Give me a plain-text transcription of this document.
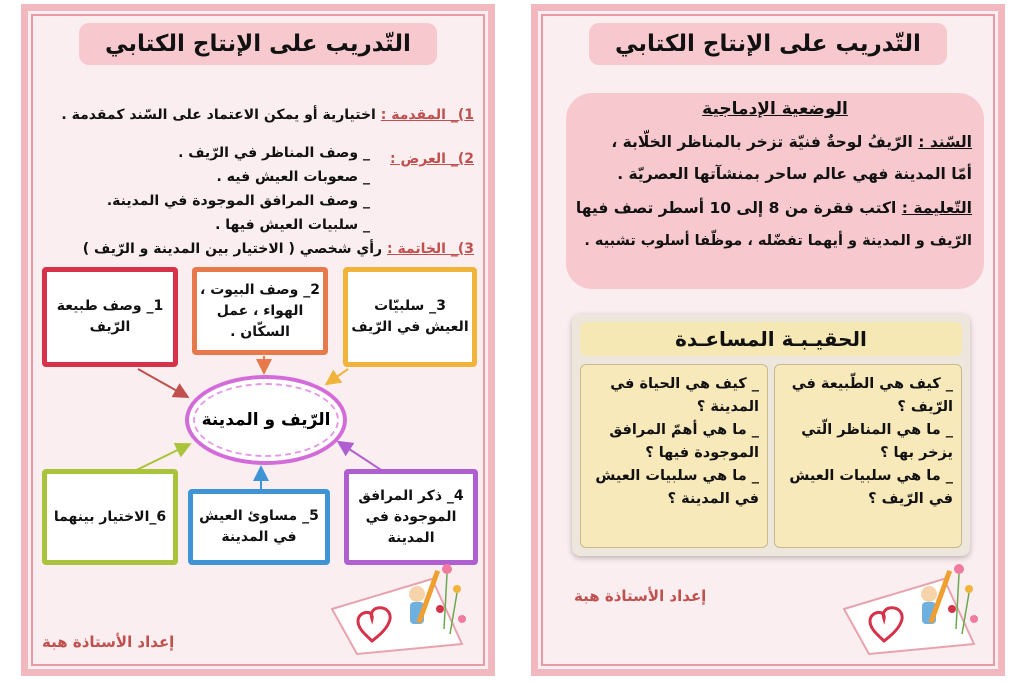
التّدريب على الإنتاج الكتابي
1)_ المقدمة : اختيارية أو يمكن الاعتماد على السّند كمقدمة .
2)_ العرض :
_ وصف المناظر في الرّيف .
_ صعوبات العيش فيه .
_ وصف المرافق الموجودة في المدينة.
_ سلبيات العيش فيها .
3)_ الخاتمة : رأي شخصي ( الاختيار بين المدينة و الرّيف )
1_ وصف طبيعة الرّيف
2_ وصف البيوت ، الهواء ، عمل السكّان .
3_ سلبيّات العيش في الرّيف
الرّيف و المدينة
6_الاختيار بينهما 5_ مساوئ العيش في المدينة
4_ ذكر المرافق الموجودة في المدينة
إعداد الأستاذة هبة
التّدريب على الإنتاج الكتابي
الوضعية الإدماجية
السّند : الرّيفُ لوحةٌ فنيّة تزخر بالمناظر الخلّابة ،
أمّا المدينة فهي عالم ساحر بمنشآتها العصريّة .
التّعليمة : اكتب فقرة من 8 إلى 10 أسطر تصف فيها
الرّيف و المدينة و أيهما تفضّله ، موظّفا أسلوب تشبيه .
الحقيـبـة المساعـدة
_ كيف هي الطّبيعة في
الرّيف ؟
_ ما هي المناظر الّتي
يزخر بها ؟
_ ما هي سلبيات العيش
في الرّيف ؟
_ كيف هي الحياة في
المدينة ؟
_ ما هي أهمّ المرافق
الموجودة فيها ؟
_ ما هي سلبيات العيش
في المدينة ؟
إعداد الأستاذة هبة
